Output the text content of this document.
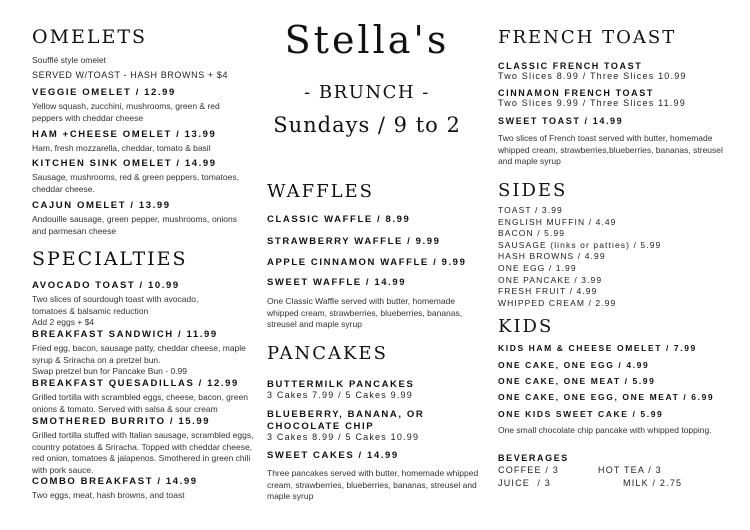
OMELETS
Soufflé style omelet
SERVED W/TOAST - HASH BROWNS + $4
VEGGIE OMELET / 12.99
Yellow squash, zucchini, mushrooms, green & red peppers with cheddar cheese
HAM +CHEESE OMELET / 13.99
Ham, fresh mozzarella, cheddar, tomato & basil
KITCHEN SINK OMELET / 14.99
Sausage, mushrooms, red & green peppers, tomatoes, cheddar cheese.
CAJUN OMELET / 13.99
Andouille sausage, green pepper, mushrooms, onions and parmesan cheese
SPECIALTIES
AVOCADO TOAST / 10.99
Two slices of sourdough toast with avocado, tomatoes & balsamic reduction
Add 2 eggs + $4
BREAKFAST SANDWICH / 11.99
Fried egg, bacon, sausage patty, cheddar cheese, maple syrup & Sriracha on a pretzel bun.
Swap pretzel bun for Pancake Bun - 0.99
BREAKFAST QUESADILLAS / 12.99
Grilled tortilla with scrambled eggs, cheese, bacon, green onions & tomato. Served with salsa & sour cream
SMOTHERED BURRITO / 15.99
Grilled tortilla stuffed with Italian sausage, scrambled eggs, country potatoes & Sriracha. Topped with cheddar cheese, red onion, tomatoes & jalapenos. Smothered in green chili with pork sauce.
COMBO BREAKFAST / 14.99
Two eggs, meat, hash browns, and toast
Stella's
- BRUNCH -
Sundays / 9 to 2
WAFFLES
CLASSIC WAFFLE / 8.99
STRAWBERRY WAFFLE / 9.99
APPLE CINNAMON WAFFLE / 9.99
SWEET WAFFLE / 14.99
One Classic Waffle served with butter, homemade whipped cream, strawberries, blueberries, bananas, streusel and maple syrup
PANCAKES
BUTTERMILK PANCAKES
3 Cakes 7.99 / 5 Cakes 9.99
BLUEBERRY, BANANA, OR CHOCOLATE CHIP
3 Cakes 8.99 / 5 Cakes 10.99
SWEET CAKES / 14.99
Three pancakes served with butter, homemade whipped cream, strawberries, blueberries, bananas, streusel and maple syrup
FRENCH TOAST
CLASSIC FRENCH TOAST
Two Slices 8.99 / Three Slices 10.99
CINNAMON FRENCH TOAST
Two Slices 9.99 / Three Slices 11.99
SWEET TOAST / 14.99
Two slices of French toast served with butter, homemade whipped cream, strawberries,blueberries, bananas, streusel and maple syrup
SIDES
TOAST / 3.99
ENGLISH MUFFIN / 4.49
BACON / 5.99
SAUSAGE (links or patties) / 5.99
HASH BROWNS / 4.99
ONE EGG / 1.99
ONE PANCAKE / 3.99
FRESH FRUIT / 4.99
WHIPPED CREAM / 2.99
KIDS
KIDS HAM & CHEESE OMELET / 7.99
ONE CAKE, ONE EGG / 4.99
ONE CAKE, ONE MEAT / 5.99
ONE CAKE, ONE EGG, ONE MEAT / 6.99
ONE KIDS SWEET CAKE / 5.99
One small chocolate chip pancake with whipped topping.
BEVERAGES
COFFEE / 3	HOT TEA / 3
JUICE  / 3	MILK / 2.75
